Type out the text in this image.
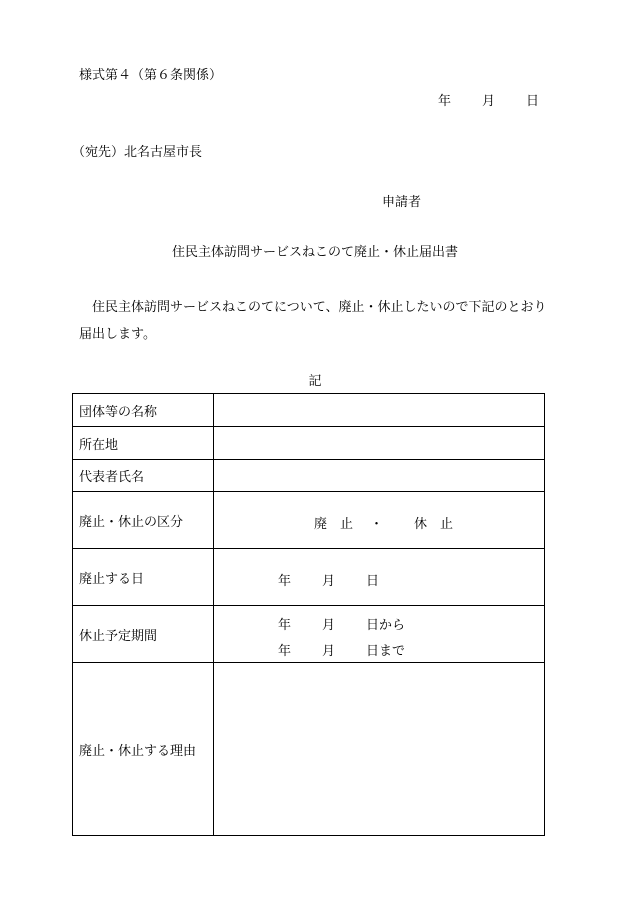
様式第４（第６条関係）
年 月 日
（宛先）北名古屋市長
申請者
住民主体訪問サービスねこのて廃止・休止届出書
住民主体訪問サービスねこのてについて、廃止・休止したいので下記のとおり届出します。
記
団体等の名称	
所在地	
代表者氏名	
廃止・休止の区分	廃　止 ・ 休　止

廃止する日	年 月 日

休止予定期間	年 月 日から
年 月 日まで

廃止・休止する理由	
